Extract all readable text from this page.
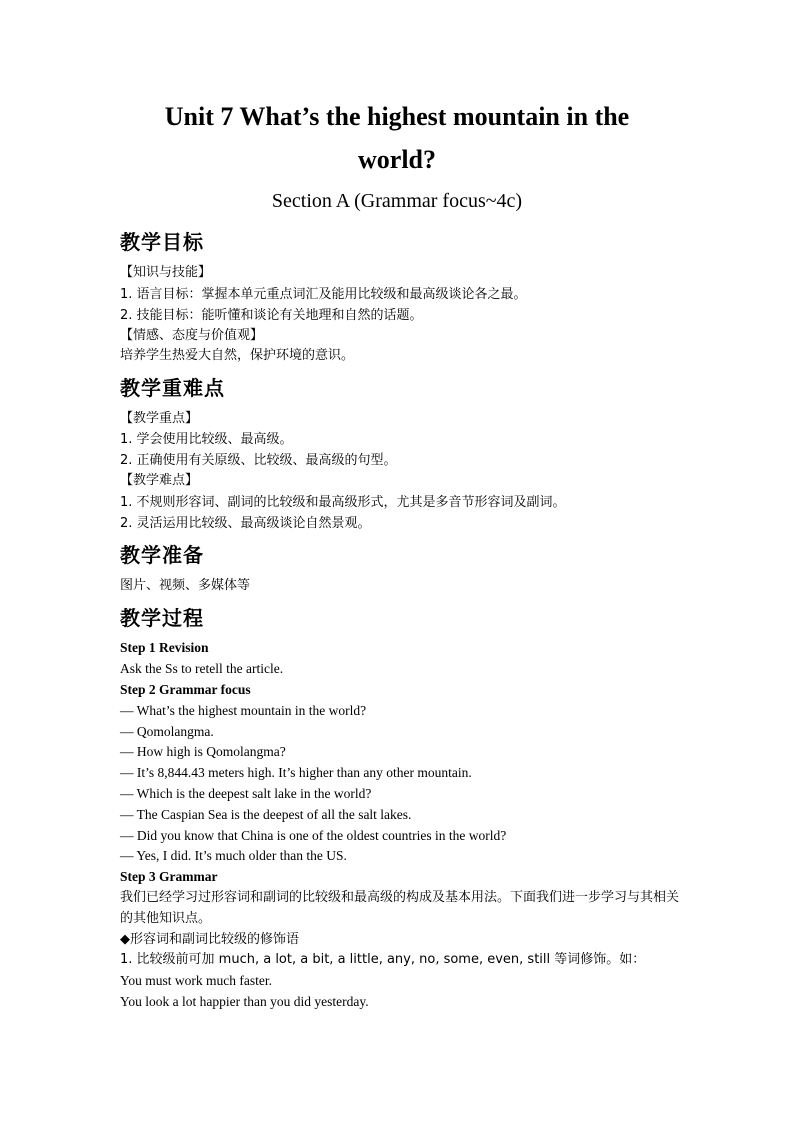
Unit 7 What’s the highest mountain in the
world?
Section A (Grammar focus~4c)
教学目标
【知识与技能】
1. 语言目标：掌握本单元重点词汇及能用比较级和最高级谈论各之最。
2. 技能目标：能听懂和谈论有关地理和自然的话题。
【情感、态度与价值观】
培养学生热爱大自然，保护环境的意识。
教学重难点
【教学重点】
1. 学会使用比较级、最高级。
2. 正确使用有关原级、比较级、最高级的句型。
【教学难点】
1. 不规则形容词、副词的比较级和最高级形式，尤其是多音节形容词及副词。
2. 灵活运用比较级、最高级谈论自然景观。
教学准备
图片、视频、多媒体等
教学过程
Step 1 Revision
Ask the Ss to retell the article.
Step 2 Grammar focus
— What’s the highest mountain in the world?
— Qomolangma.
— How high is Qomolangma?
— It’s 8,844.43 meters high. It’s higher than any other mountain.
— Which is the deepest salt lake in the world?
— The Caspian Sea is the deepest of all the salt lakes.
— Did you know that China is one of the oldest countries in the world?
— Yes, I did. It’s much older than the US.
Step 3 Grammar
我们已经学习过形容词和副词的比较级和最高级的构成及基本用法。下面我们进一步学习与其相关的其他知识点。
◆形容词和副词比较级的修饰语
1. 比较级前可加 much, a lot, a bit, a little, any, no, some, even, still 等词修饰。如：
You must work much faster.
You look a lot happier than you did yesterday.
